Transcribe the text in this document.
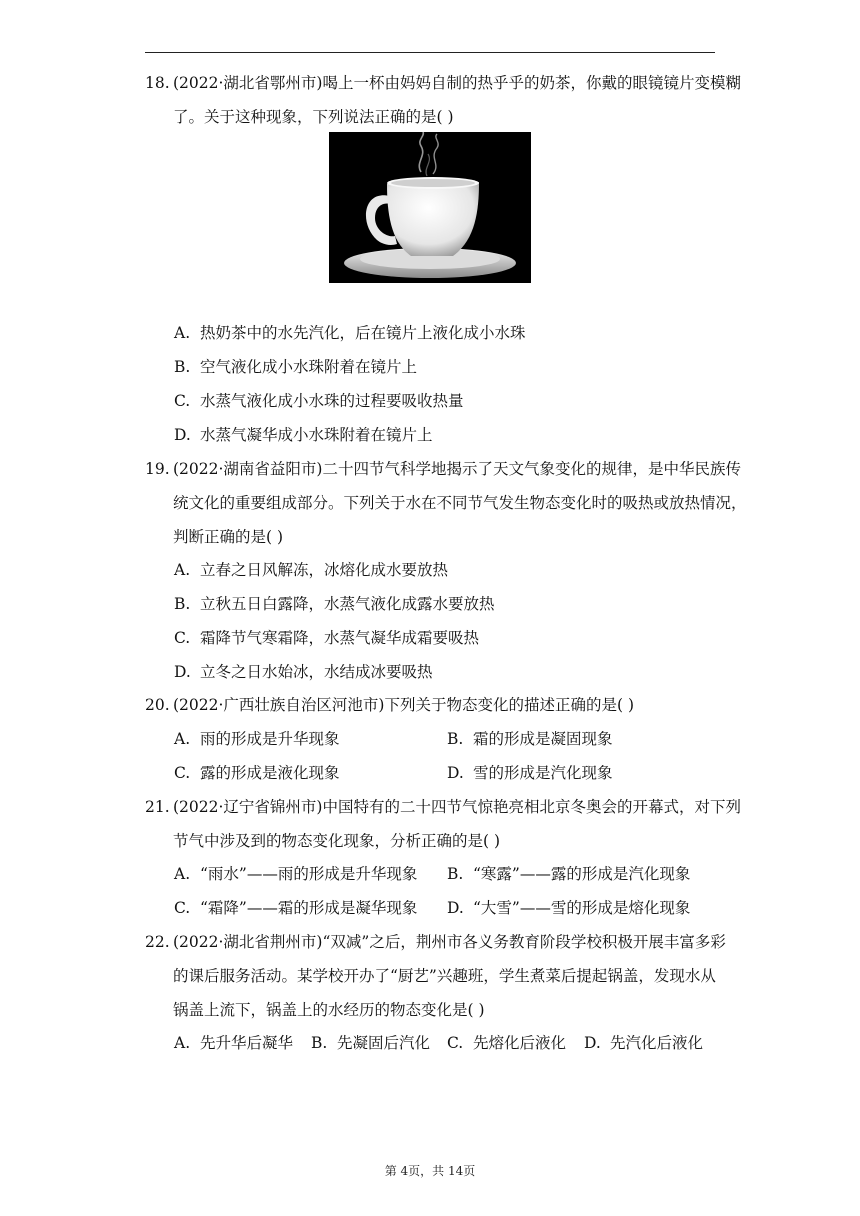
18. (2022·湖北省鄂州市)喝上一杯由妈妈自制的热乎乎的奶茶，你戴的眼镜镜片变模糊
了。关于这种现象，下列说法正确的是( )
A. 热奶茶中的水先汽化，后在镜片上液化成小水珠
B. 空气液化成小水珠附着在镜片上
C. 水蒸气液化成小水珠的过程要吸收热量
D. 水蒸气凝华成小水珠附着在镜片上
19. (2022·湖南省益阳市)二十四节气科学地揭示了天文气象变化的规律，是中华民族传
统文化的重要组成部分。下列关于水在不同节气发生物态变化时的吸热或放热情况，
判断正确的是( )
A. 立春之日风解冻，冰熔化成水要放热
B. 立秋五日白露降，水蒸气液化成露水要放热
C. 霜降节气寒霜降，水蒸气凝华成霜要吸热
D. 立冬之日水始冰，水结成冰要吸热
20. (2022·广西壮族自治区河池市)下列关于物态变化的描述正确的是( )
A. 雨的形成是升华现象	B. 霜的形成是凝固现象
C. 露的形成是液化现象	D. 雪的形成是汽化现象
21. (2022·辽宁省锦州市)中国特有的二十四节气惊艳亮相北京冬奥会的开幕式，对下列
节气中涉及到的物态变化现象，分析正确的是( )
A. “雨水”——雨的形成是升华现象 B. “寒露”——露的形成是汽化现象
C. “霜降”——霜的形成是凝华现象 D. “大雪”——雪的形成是熔化现象
22. (2022·湖北省荆州市)“双减”之后，荆州市各义务教育阶段学校积极开展丰富多彩
的课后服务活动。某学校开办了“厨艺”兴趣班，学生煮菜后提起锅盖，发现水从
锅盖上流下，锅盖上的水经历的物态变化是( )
A. 先升华后凝华 B. 先凝固后汽化 C. 先熔化后液化 D. 先汽化后液化
第 4页，共 14页
